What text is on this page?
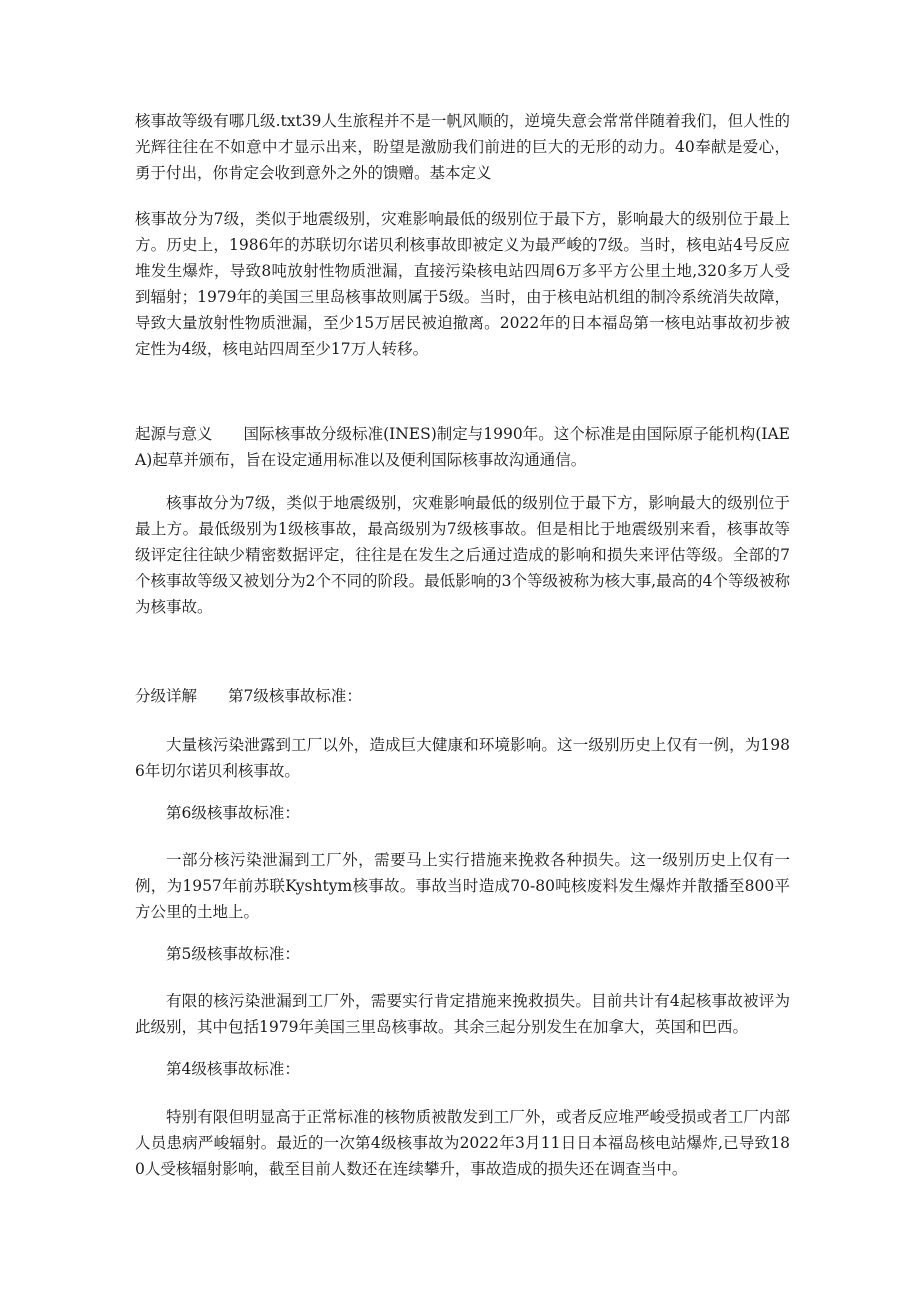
核事故等级有哪几级.txt39人生旅程并不是一帆风顺的，逆境失意会常常伴随着我们，但人性的光辉往往在不如意中才显示出来，盼望是激励我们前进的巨大的无形的动力。40奉献是爱心，勇于付出，你肯定会收到意外之外的馈赠。基本定义

核事故分为7级，类似于地震级别，灾难影响最低的级别位于最下方，影响最大的级别位于最上方。历史上，1986年的苏联切尔诺贝利核事故即被定义为最严峻的7级。当时，核电站4号反应堆发生爆炸，导致8吨放射性物质泄漏，直接污染核电站四周6万多平方公里土地,320多万人受到辐射；1979年的美国三里岛核事故则属于5级。当时，由于核电站机组的制冷系统消失故障，导致大量放射性物质泄漏，至少15万居民被迫撤离。2022年的日本福岛第一核电站事故初步被定性为4级，核电站四周至少17万人转移。

起源与意义 国际核事故分级标准(INES)制定与1990年。这个标准是由国际原子能机构(IAEA)起草并颁布，旨在设定通用标准以及便利国际核事故沟通通信。

核事故分为7级，类似于地震级别，灾难影响最低的级别位于最下方，影响最大的级别位于最上方。最低级别为1级核事故，最高级别为7级核事故。但是相比于地震级别来看，核事故等级评定往往缺少精密数据评定，往往是在发生之后通过造成的影响和损失来评估等级。全部的7个核事故等级又被划分为2个不同的阶段。最低影响的3个等级被称为核大事,最高的4个等级被称为核事故。

分级详解 第7级核事故标准：

大量核污染泄露到工厂以外，造成巨大健康和环境影响。这一级别历史上仅有一例，为1986年切尔诺贝利核事故。

第6级核事故标准：

一部分核污染泄漏到工厂外，需要马上实行措施来挽救各种损失。这一级别历史上仅有一例，为1957年前苏联Kyshtym核事故。事故当时造成70-80吨核废料发生爆炸并散播至800平方公里的土地上。

第5级核事故标准：

有限的核污染泄漏到工厂外，需要实行肯定措施来挽救损失。目前共计有4起核事故被评为此级别，其中包括1979年美国三里岛核事故。其余三起分别发生在加拿大，英国和巴西。

第4级核事故标准：

特别有限但明显高于正常标准的核物质被散发到工厂外，或者反应堆严峻受损或者工厂内部人员患病严峻辐射。最近的一次第4级核事故为2022年3月11日日本福岛核电站爆炸,已导致180人受核辐射影响，截至目前人数还在连续攀升，事故造成的损失还在调查当中。
